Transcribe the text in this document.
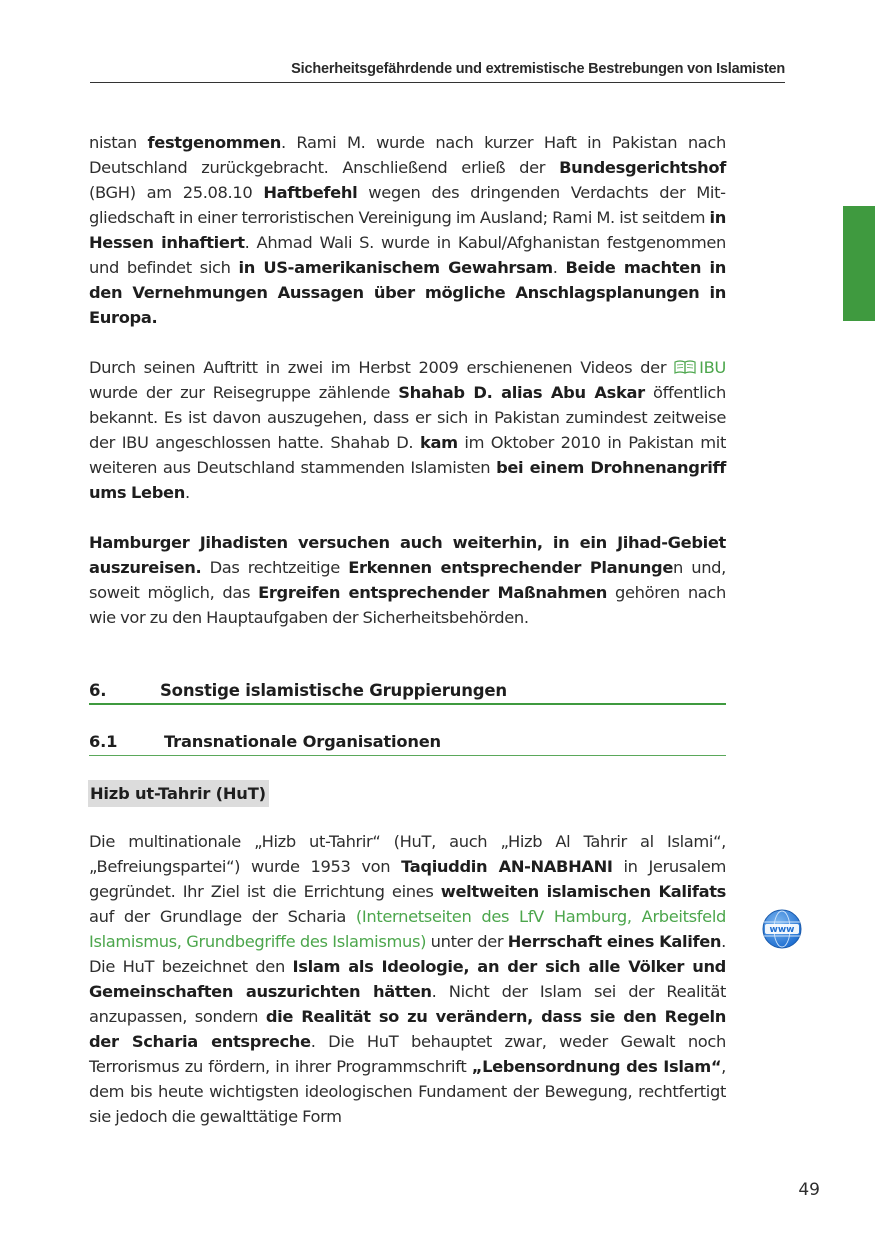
Sicherheitsgefährdende und extremistische Bestrebungen von Islamisten

nistan festgenommen. Rami M. wurde nach kurzer Haft in Pakistan nach Deutschland zurückgebracht. Anschließend erließ der Bundesgerichtshof (BGH) am 25.08.10 Haftbefehl wegen des dringenden Verdachts der Mitgliedschaft in einer terroristischen Vereinigung im Ausland; Rami M. ist seitdem in Hessen inhaftiert. Ahmad Wali S. wurde in Kabul/Afghanistan festgenommen und befindet sich in US-amerikanischem Gewahrsam. Beide machten in den Vernehmungen Aussagen über mögliche Anschlagsplanungen in Europa.

Durch seinen Auftritt in zwei im Herbst 2009 erschienenen Videos der IBU wurde der zur Reisegruppe zählende Shahab D. alias Abu Askar öffentlich bekannt. Es ist davon auszugehen, dass er sich in Pakistan zumindest zeitweise der IBU angeschlossen hatte. Shahab D. kam im Oktober 2010 in Pakistan mit weiteren aus Deutschland stammenden Islamisten bei einem Drohnenangriff ums Leben.

Hamburger Jihadisten versuchen auch weiterhin, in ein Jihad-Gebiet auszureisen. Das rechtzeitige Erkennen entsprechender Planungen und, soweit möglich, das Ergreifen entsprechender Maßnahmen gehören nach wie vor zu den Hauptaufgaben der Sicherheitsbehörden.

6.	Sonstige islamistische Gruppierungen
6.1	Transnationale Organisationen
Hizb ut-Tahrir (HuT)

Die multinationale „Hizb ut-Tahrir“ (HuT, auch „Hizb Al Tahrir al Islami“, „Befreiungspartei“) wurde 1953 von Taqiuddin AN-NABHANI in Jerusalem gegründet. Ihr Ziel ist die Errichtung eines weltweiten islamischen Kalifats auf der Grundlage der Scharia (Internetseiten des LfV Hamburg, Arbeitsfeld Islamismus, Grundbegriffe des Islamismus) unter der Herrschaft eines Kalifen. Die HuT bezeichnet den Islam als Ideologie, an der sich alle Völker und Gemeinschaften auszurichten hätten. Nicht der Islam sei der Realität anzupassen, sondern die Realität so zu verändern, dass sie den Regeln der Scharia entspreche. Die HuT behauptet zwar, weder Gewalt noch Terrorismus zu fördern, in ihrer Programmschrift „Lebensordnung des Islam“, dem bis heute wichtigsten ideologischen Fundament der Bewegung, rechtfertigt sie jedoch die gewalttätige Form

www
49
